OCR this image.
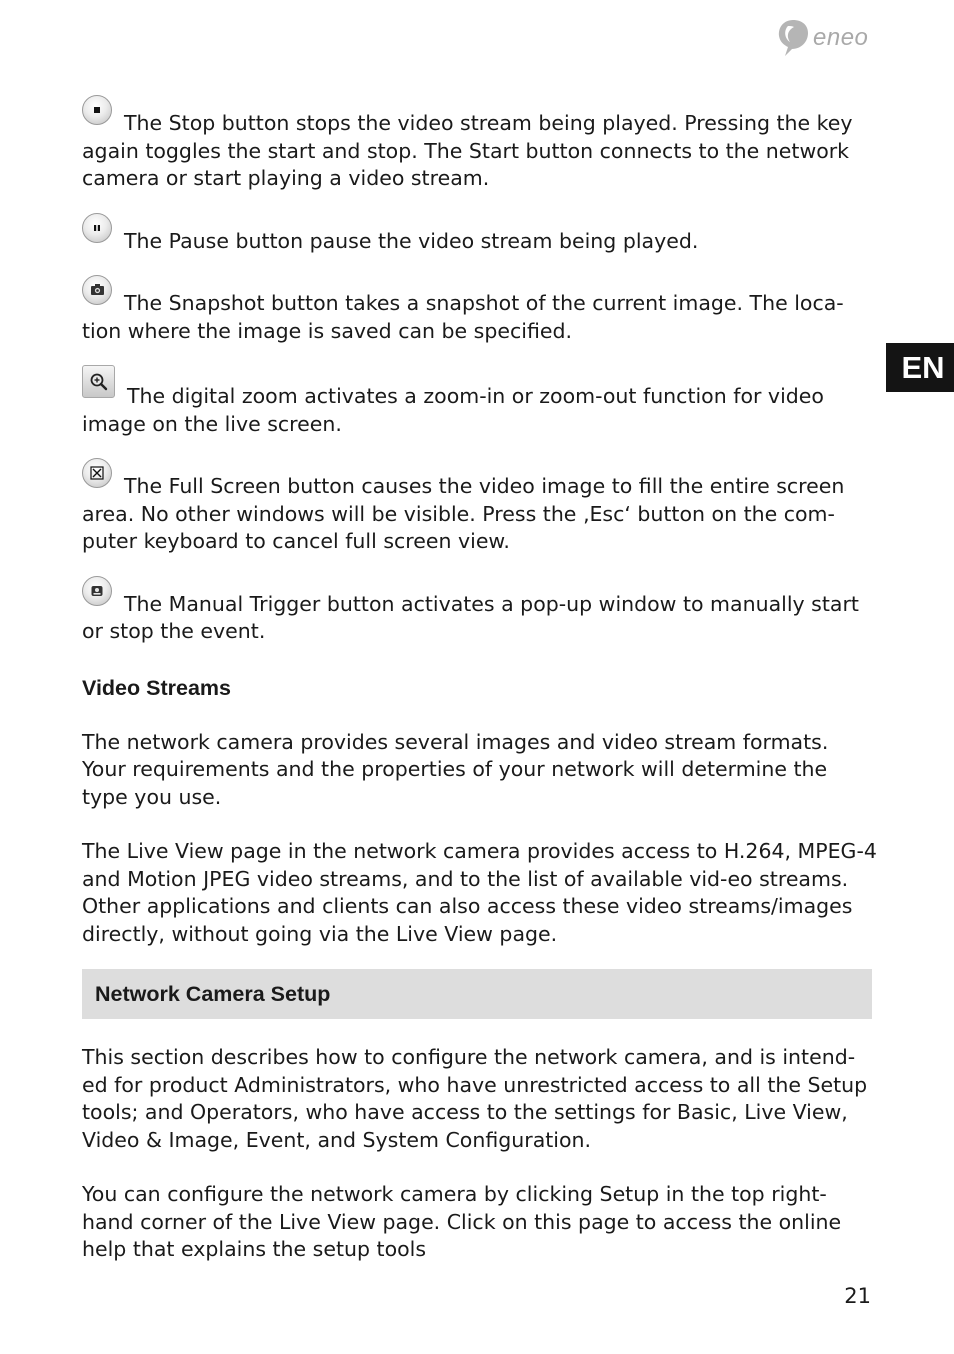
eneo
EN
The Stop button stops the video stream being played. Pressing the key again toggles the start and stop. The Start button connects to the network camera or start playing a video stream.
The Pause button pause the video stream being played.
The Snapshot button takes a snapshot of the current image. The loca-tion where the image is saved can be specified.
The digital zoom activates a zoom-in or zoom-out function for video image on the live screen.
The Full Screen button causes the video image to fill the entire screen area. No other windows will be visible. Press the ‚Esc‘ button on the com-puter keyboard to cancel full screen view.
The Manual Trigger button activates a pop-up window to manually start or stop the event.
Video Streams

The network camera provides several images and video stream formats. Your requirements and the properties of your network will determine the type you use.

The Live View page in the network camera provides access to H.264, MPEG-4 and Motion JPEG video streams, and to the list of available vid-eo streams. Other applications and clients can also access these video streams/images directly, without going via the Live View page.

Network Camera Setup

This section describes how to configure the network camera, and is intend-ed for product Administrators, who have unrestricted access to all the Setup tools; and Operators, who have access to the settings for Basic, Live View, Video & Image, Event, and System Configuration.

You can configure the network camera by clicking Setup in the top right-hand corner of the Live View page. Click on this page to access the online help that explains the setup tools

21
